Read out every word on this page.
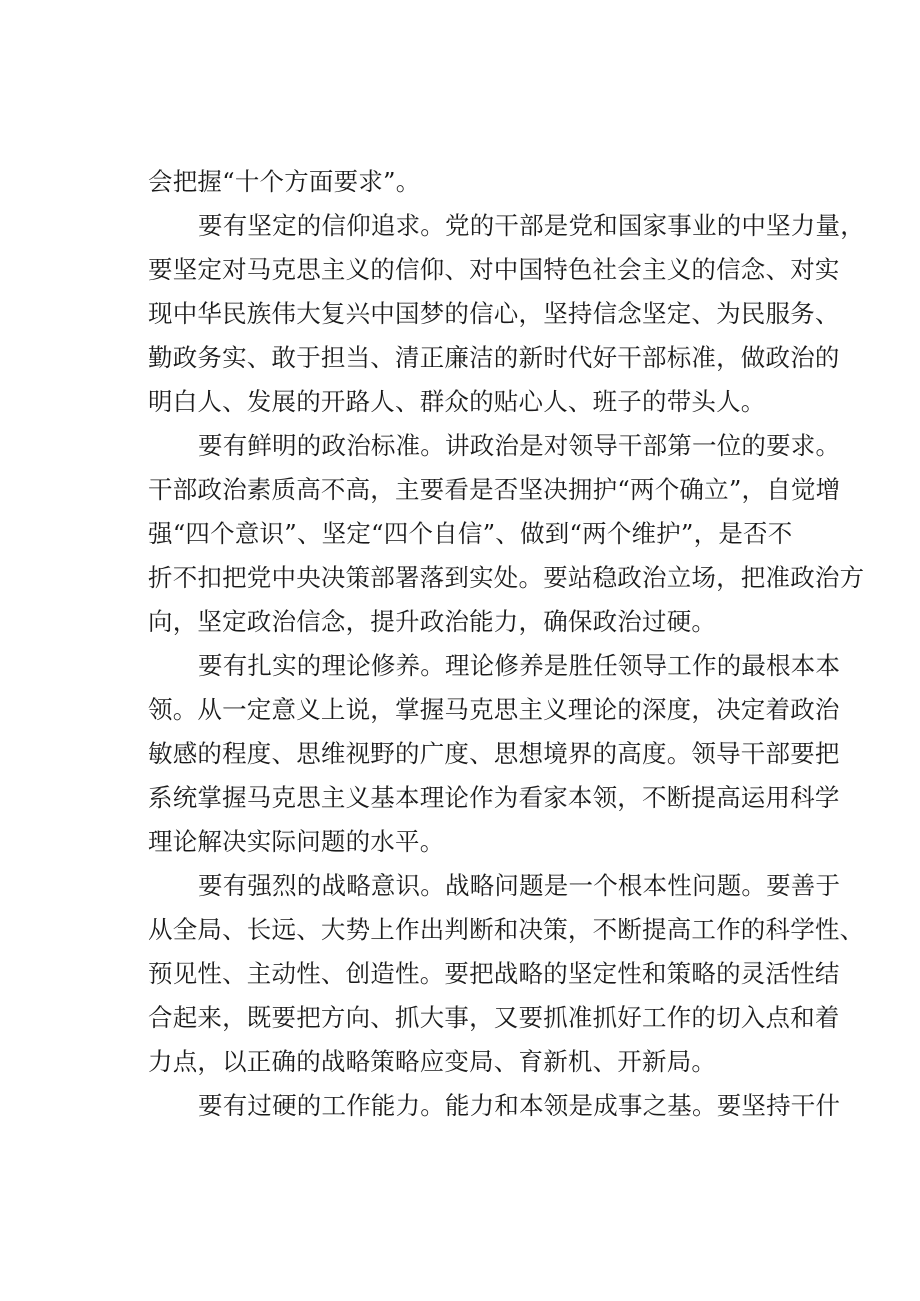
会把握“十个方面要求”。
要有坚定的信仰追求。党的干部是党和国家事业的中坚力量，
要坚定对马克思主义的信仰、对中国特色社会主义的信念、对实
现中华民族伟大复兴中国梦的信心，坚持信念坚定、为民服务、
勤政务实、敢于担当、清正廉洁的新时代好干部标准，做政治的
明白人、发展的开路人、群众的贴心人、班子的带头人。
要有鲜明的政治标准。讲政治是对领导干部第一位的要求。
干部政治素质高不高，主要看是否坚决拥护“两个确立”，自觉增
强“四个意识”、坚定“四个自信”、做到“两个维护”，是否不
折不扣把党中央决策部署落到实处。要站稳政治立场，把准政治方
向，坚定政治信念，提升政治能力，确保政治过硬。
要有扎实的理论修养。理论修养是胜任领导工作的最根本本
领。从一定意义上说，掌握马克思主义理论的深度，决定着政治
敏感的程度、思维视野的广度、思想境界的高度。领导干部要把
系统掌握马克思主义基本理论作为看家本领，不断提高运用科学
理论解决实际问题的水平。
要有强烈的战略意识。战略问题是一个根本性问题。要善于
从全局、长远、大势上作出判断和决策，不断提高工作的科学性、
预见性、主动性、创造性。要把战略的坚定性和策略的灵活性结
合起来，既要把方向、抓大事，又要抓准抓好工作的切入点和着
力点，以正确的战略策略应变局、育新机、开新局。
要有过硬的工作能力。能力和本领是成事之基。要坚持干什
